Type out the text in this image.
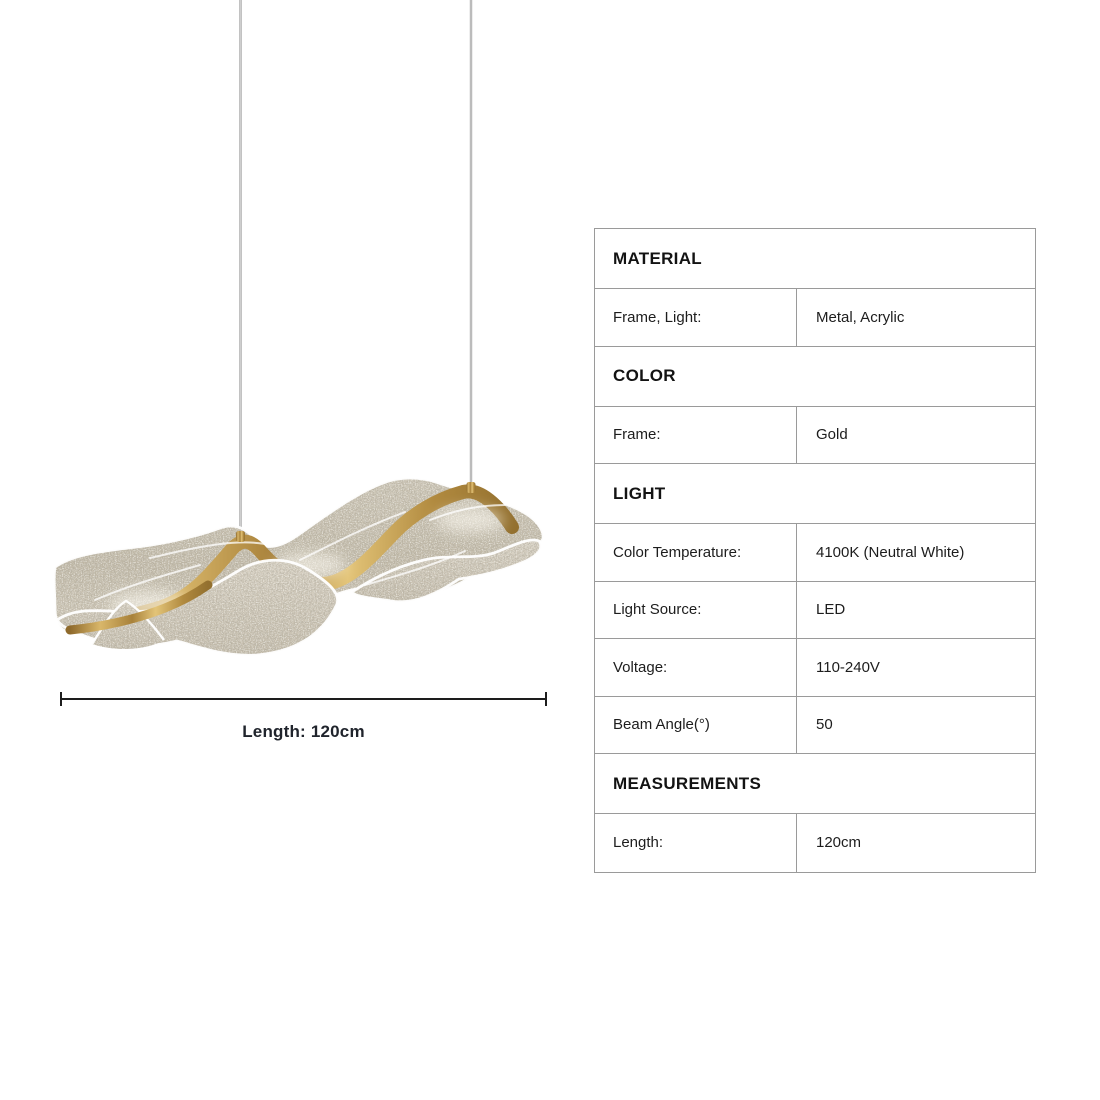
Length: 120cm
MATERIAL
Frame, Light:	Metal, Acrylic
COLOR
Frame:	Gold
LIGHT
Color Temperature:	4100K (Neutral White)
Light Source:	LED
Voltage:	110-240V
Beam Angle(°)	50
MEASUREMENTS
Length:	120cm
